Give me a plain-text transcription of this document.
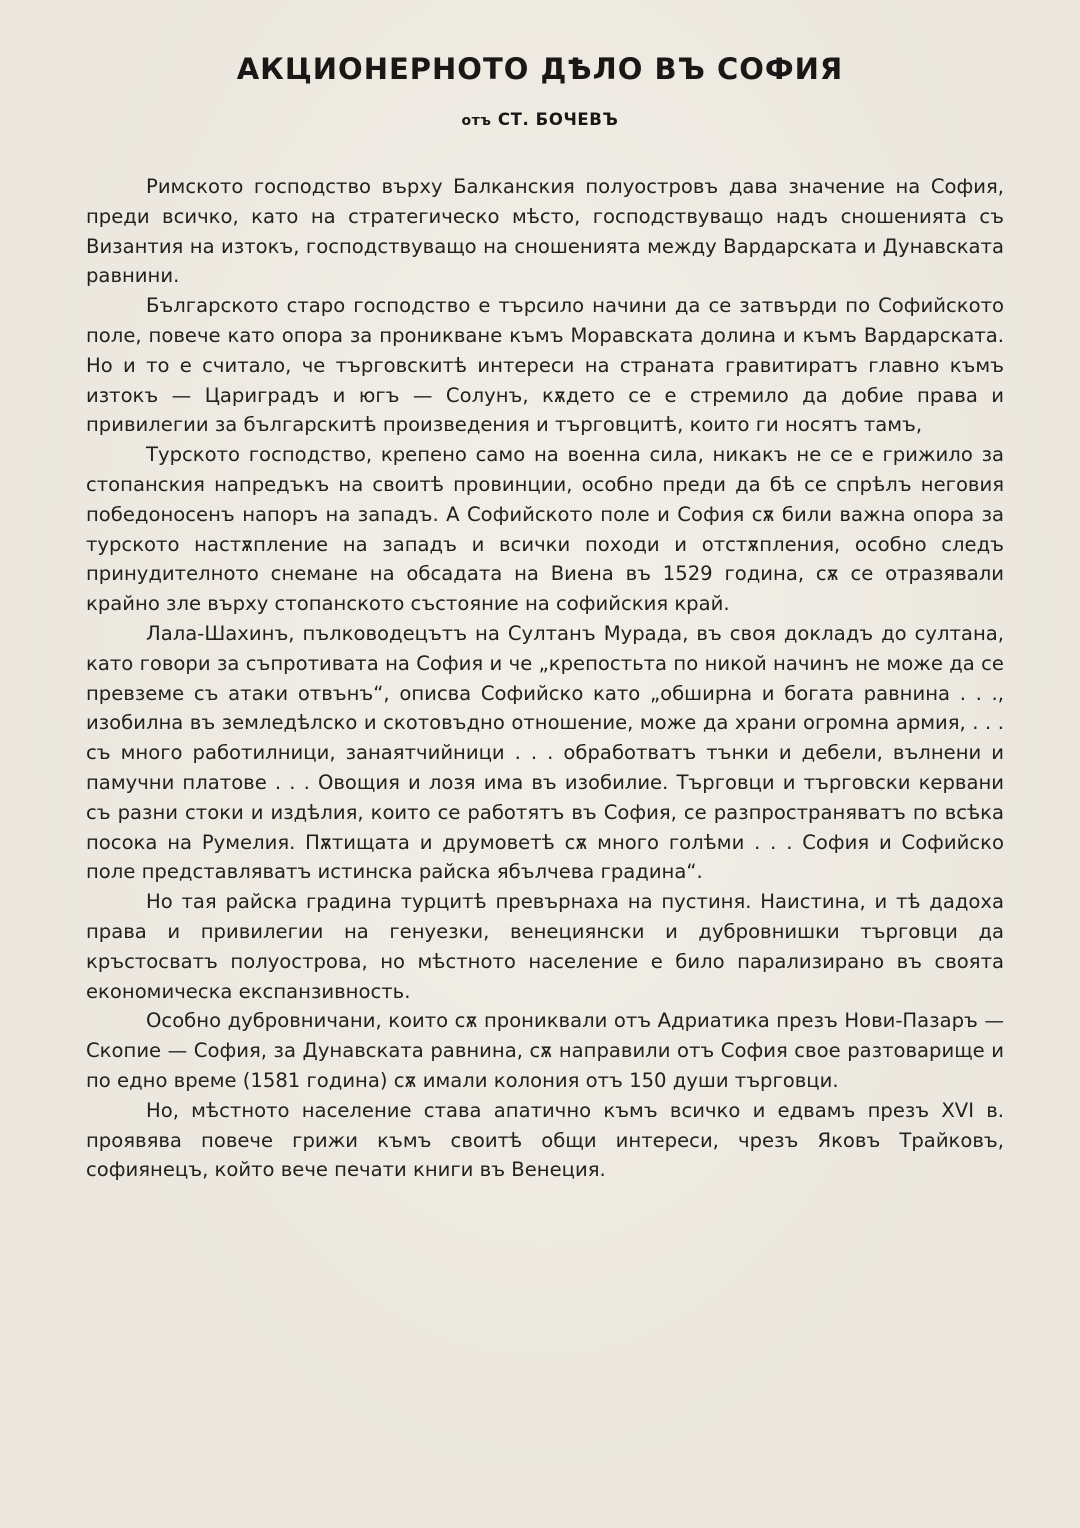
АКЦИОНЕРНОТО ДѢЛО ВЪ СОФИЯ
отъ СТ. БОЧЕВЪ

Римското господство върху Балканския полуостровъ дава значение на София, преди всичко, като на стратегическо мѣсто, господствуващо надъ сношенията съ Византия на изтокъ, господствуващо на сношенията между Вардарската и Дунавската равнини.

Българското старо господство е търсило начини да се затвърди по Софийското поле, повече като опора за проникване къмъ Моравската долина и къмъ Вардарската. Но и то е считало, че търговскитѣ интереси на страната гравитиратъ главно къмъ изтокъ — Цариградъ и югъ — Солунъ, кѫдето се е стремило да добие права и привилегии за българскитѣ произведения и търговцитѣ, които ги носятъ тамъ,

Турското господство, крепено само на военна сила, никакъ не се е грижило за стопанския напредъкъ на своитѣ провинции, особно преди да бѣ се спрѣлъ неговия победоносенъ напоръ на западъ. А Софийското поле и София сѫ били важна опора за турското настѫпление на западъ и всички походи и отстѫпления, особно следъ принудителното снемане на обсадата на Виена въ 1529 година, сѫ се отразявали крайно зле върху стопанското състояние на софийския край.

Лала-Шахинъ, пълководецътъ на Султанъ Мурада, въ своя докладъ до султана, като говори за съпротивата на София и че „крепостьта по никой начинъ не може да се превземе съ атаки отвънъ“, описва Софийско като „обширна и богата равнина . . ., изобилна въ земледѣлско и скотовъдно отношение, може да храни огромна армия, . . . съ много работилници, занаятчийници . . . обработватъ тънки и дебели, вълнени и памучни платове . . . Овощия и лозя има въ изобилие. Търговци и търговски кервани съ разни стоки и издѣлия, които се работятъ въ София, се разпространяватъ по всѣка посока на Румелия. Пѫтищата и друмоветѣ сѫ много голѣми . . . София и Софийско поле представляватъ истинска райска ябълчева градина“.

Но тая райска градина турцитѣ превърнаха на пустиня. Наистина, и тѣ дадоха права и привилегии на генуезки, венециянски и дубровнишки търговци да кръстосватъ полуострова, но мѣстното население е било парализирано въ своята економическа експанзивность.

Особно дубровничани, които сѫ прониквали отъ Адриатика презъ Нови-Пазаръ — Скопие — София, за Дунавската равнина, сѫ направили отъ София свое разтоварище и по едно време (1581 година) сѫ имали колония отъ 150 души търговци.

Но, мѣстното население става апатично къмъ всичко и едвамъ презъ XVI в. проявява повече грижи къмъ своитѣ общи интереси, чрезъ Яковъ Трайковъ, софиянецъ, който вече печати книги въ Венеция.
